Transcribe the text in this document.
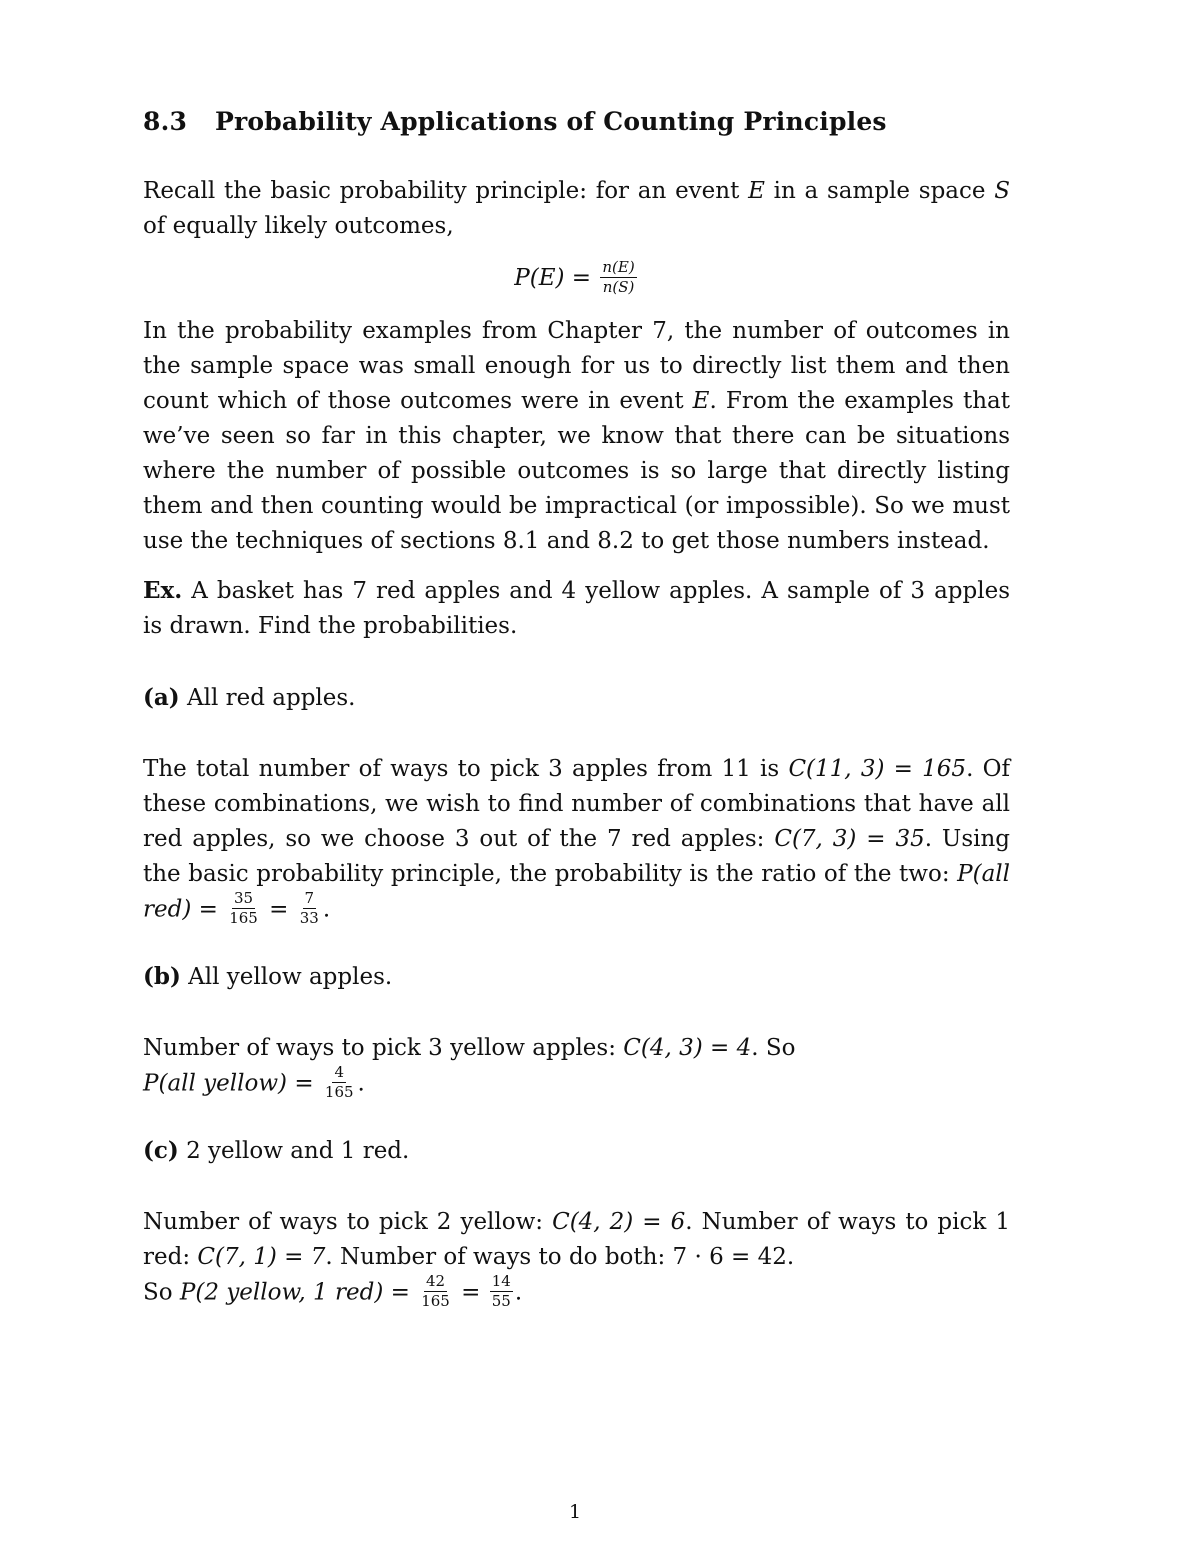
8.3 Probability Applications of Counting Principles

Recall the basic probability principle: for an event E in a sample space S of equally likely outcomes,

$P(E) = \frac{n(E)}{n(S)}$

In the probability examples from Chapter 7, the number of outcomes in the sample space was small enough for us to directly list them and then count which of those outcomes were in event E. From the examples that we’ve seen so far in this chapter, we know that there can be situations where the number of possible outcomes is so large that directly listing them and then counting would be impractical (or impossible). So we must use the techniques of sections 8.1 and 8.2 to get those numbers instead.

Ex. A basket has 7 red apples and 4 yellow apples. A sample of 3 apples is drawn. Find the probabilities.

(a) All red apples.

The total number of ways to pick 3 apples from 11 is C(11, 3) = 165. Of these combinations, we wish to find number of combinations that have all red apples, so we choose 3 out of the 7 red apples: C(7, 3) = 35. Using the basic probability principle, the probability is the ratio of the two: P(all $red) = \frac{35}{165} = \frac{7}{33}$ .

(b) All yellow apples.

Number of ways to pick 3 yellow apples: C(4, 3) = 4. So
P(all yellow) = $\frac{4}{165}$ .

(c) 2 yellow and 1 red.

Number of ways to pick 2 yellow: C(4, 2) = 6. Number of ways to pick 1 red: C(7, 1) = 7. Number of ways to do both: 7 · 6 = 42.

So P(2 yellow, 1 $red) = \frac{42}{165} = \frac{14}{55}$ .

1
